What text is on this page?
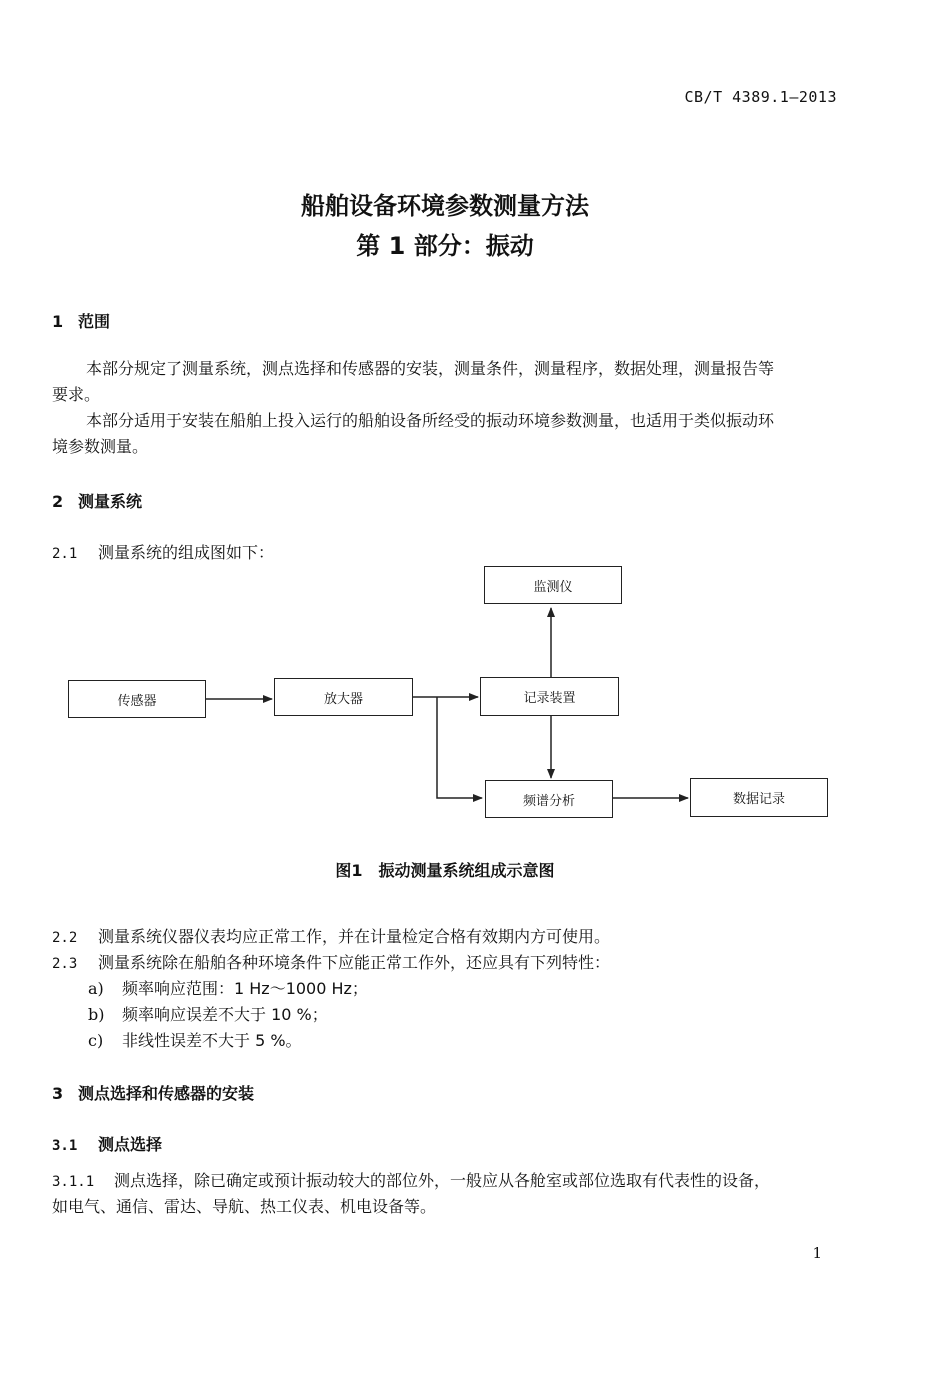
CB/T 4389.1—2013
船舶设备环境参数测量方法
第 1 部分：振动
1 范围
本部分规定了测量系统，测点选择和传感器的安装，测量条件，测量程序，数据处理，测量报告等
要求。
本部分适用于安装在船舶上投入运行的船舶设备所经受的振动环境参数测量，也适用于类似振动环
境参数测量。
2 测量系统
2.1 测量系统的组成图如下：
传感器	放大器
监测仪
记录装置
频谱分析	数据记录
图1　振动测量系统组成示意图
2.2 测量系统仪器仪表均应正常工作，并在计量检定合格有效期内方可使用。
2.3 测量系统除在船舶各种环境条件下应能正常工作外，还应具有下列特性：
a) 频率响应范围：1 Hz～1000 Hz；
b) 频率响应误差不大于 10 %；
c) 非线性误差不大于 5 %。
3 测点选择和传感器的安装
3.1 测点选择
3.1.1 测点选择，除已确定或预计振动较大的部位外，一般应从各舱室或部位选取有代表性的设备，
如电气、通信、雷达、导航、热工仪表、机电设备等。
1
